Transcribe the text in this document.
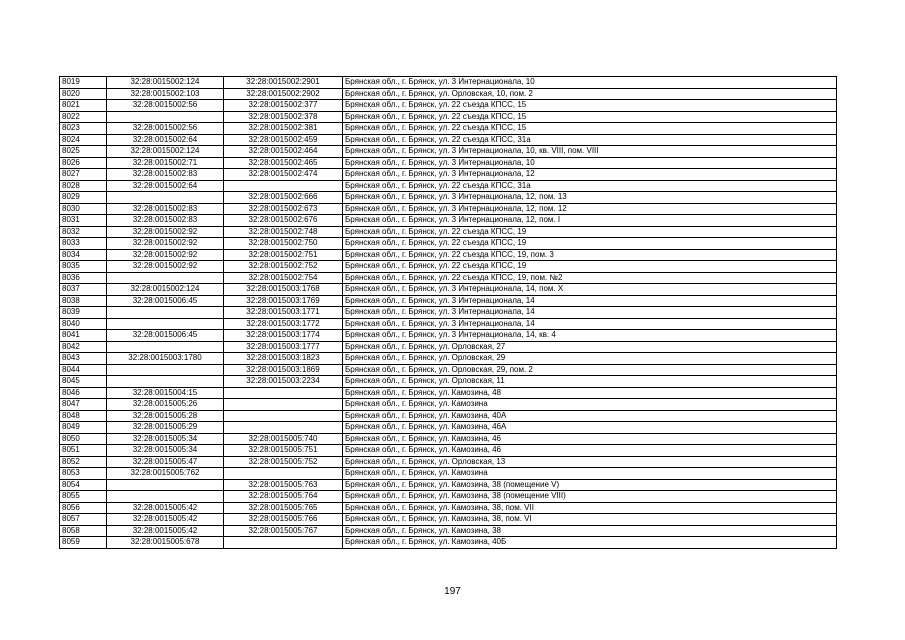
8019	32:28:0015002:124	32:28:0015002:2901	Брянская обл., г. Брянск, ул. 3 Интернационала, 10
8020	32:28:0015002:103	32:28:0015002:2902	Брянская обл., г. Брянск, ул. Орловская, 10, пом. 2
8021	32:28:0015002:56	32:28:0015002:377	Брянская обл., г. Брянск, ул. 22 съезда КПСС, 15
8022		32:28:0015002:378	Брянская обл., г. Брянск, ул. 22 съезда КПСС, 15
8023	32:28:0015002:56	32:28:0015002:381	Брянская обл., г. Брянск, ул. 22 съезда КПСС, 15
8024	32:28:0015002:64	32:28:0015002:459	Брянская обл., г. Брянск, ул. 22 съезда КПСС, 31а
8025	32:28:0015002:124	32:28:0015002:464	Брянская обл., г. Брянск, ул. 3 Интернационала, 10, кв. VIII, пом. VIII
8026	32:28:0015002:71	32:28:0015002:465	Брянская обл., г. Брянск, ул. 3 Интернационала, 10
8027	32:28:0015002:83	32:28:0015002:474	Брянская обл., г. Брянск, ул. 3 Интернационала, 12
8028	32:28:0015002:64		Брянская обл., г. Брянск, ул. 22 съезда КПСС, 31а
8029		32:28:0015002:666	Брянская обл., г. Брянск, ул. 3 Интернационала, 12, пом. 13
8030	32:28:0015002:83	32:28:0015002:673	Брянская обл., г. Брянск, ул. 3 Интернационала, 12, пом. 12
8031	32:28:0015002:83	32:28:0015002:676	Брянская обл., г. Брянск, ул. 3 Интернационала, 12, пом. I
8032	32:28:0015002:92	32:28:0015002:748	Брянская обл., г. Брянск, ул. 22 съезда КПСС, 19
8033	32:28:0015002:92	32:28:0015002:750	Брянская обл., г. Брянск, ул. 22 съезда КПСС, 19
8034	32:28:0015002:92	32:28:0015002:751	Брянская обл., г. Брянск, ул. 22 съезда КПСС, 19, пом. 3
8035	32:28:0015002:92	32:28:0015002:752	Брянская обл., г. Брянск, ул. 22 съезда КПСС, 19
8036		32:28:0015002:754	Брянская обл., г. Брянск, ул. 22 съезда КПСС, 19, пом. №2
8037	32:28:0015002:124	32:28:0015003:1768	Брянская обл., г. Брянск, ул. 3 Интернационала, 14, пом. X
8038	32:28:0015006:45	32:28:0015003:1769	Брянская обл., г. Брянск, ул. 3 Интернационала, 14
8039		32:28:0015003:1771	Брянская обл., г. Брянск, ул. 3 Интернационала, 14
8040		32:28:0015003:1772	Брянская обл., г. Брянск, ул. 3 Интернационала, 14
8041	32:28:0015006:45	32:28:0015003:1774	Брянская обл., г. Брянск, ул. 3 Интернационала, 14, кв. 4
8042		32:28:0015003:1777	Брянская обл., г. Брянск, ул. Орловская, 27
8043	32:28:0015003:1780	32:28:0015003:1823	Брянская обл., г. Брянск, ул. Орловская, 29
8044		32:28:0015003:1869	Брянская обл., г. Брянск, ул. Орловская, 29, пом. 2
8045		32:28:0015003:2234	Брянская обл., г. Брянск, ул. Орловская, 11
8046	32:28:0015004:15		Брянская обл., г. Брянск, ул. Камозина, 48
8047	32:28:0015005:26		Брянская обл., г. Брянск, ул. Камозина
8048	32:28:0015005:28		Брянская обл., г. Брянск, ул. Камозина, 40А
8049	32:28:0015005:29		Брянская обл., г. Брянск, ул. Камозина, 46А
8050	32:28:0015005:34	32:28:0015005:740	Брянская обл., г. Брянск, ул. Камозина, 46
8051	32:28:0015005:34	32:28:0015005:751	Брянская обл., г. Брянск, ул. Камозина, 46
8052	32:28:0015005:47	32:28:0015005:752	Брянская обл., г. Брянск, ул. Орловская, 13
8053	32:28:0015005:762		Брянская обл., г. Брянск, ул. Камозина
8054		32:28:0015005:763	Брянская обл., г. Брянск, ул. Камозина, 38 (помещение V)
8055		32:28:0015005:764	Брянская обл., г. Брянск, ул. Камозина, 38 (помещение VIII)
8056	32:28:0015005:42	32:28:0015005:765	Брянская обл., г. Брянск, ул. Камозина, 38, пом. VII
8057	32:28:0015005:42	32:28:0015005:766	Брянская обл., г. Брянск, ул. Камозина, 38, пом. VI
8058	32:28:0015005:42	32:28:0015005:767	Брянская обл., г. Брянск, ул. Камозина, 38
8059	32:28:0015005:678		Брянская обл., г. Брянск, ул. Камозина, 40Б
197
